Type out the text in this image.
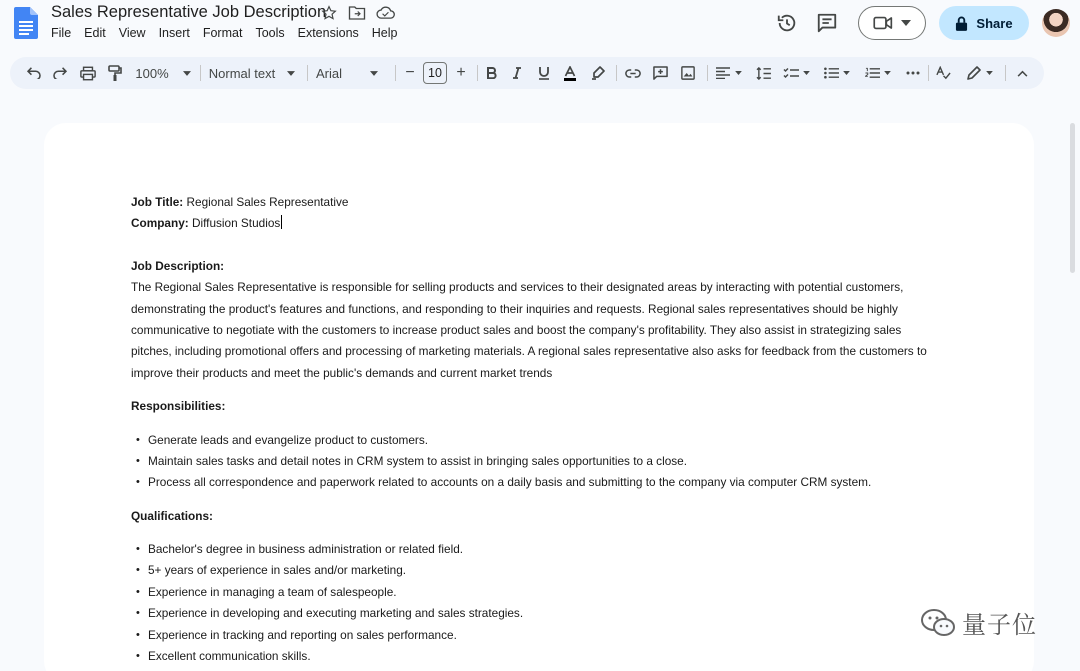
Sales Representative Job Description
File Edit View Insert Format Tools Extensions Help
Share
100%	Normal text	Arial	−	10 +
Job Title: Regional Sales Representative
Company: Diffusion Studios
Job Description:
The Regional Sales Representative is responsible for selling products and services to their designated areas by interacting with potential customers,
demonstrating the product's features and functions, and responding to their inquiries and requests. Regional sales representatives should be highly
communicative to negotiate with the customers to increase product sales and boost the company's profitability. They also assist in strategizing sales
pitches, including promotional offers and processing of marketing materials. A regional sales representative also asks for feedback from the customers to
improve their products and meet the public's demands and current market trends
Responsibilities:
• Generate leads and evangelize product to customers.
• Maintain sales tasks and detail notes in CRM system to assist in bringing sales opportunities to a close.
• Process all correspondence and paperwork related to accounts on a daily basis and submitting to the company via computer CRM system.
Qualifications:
• Bachelor's degree in business administration or related field.
• 5+ years of experience in sales and/or marketing.
• Experience in managing a team of salespeople.
• Experience in developing and executing marketing and sales strategies.
• Experience in tracking and reporting on sales performance.
• Excellent communication skills.
量子位
